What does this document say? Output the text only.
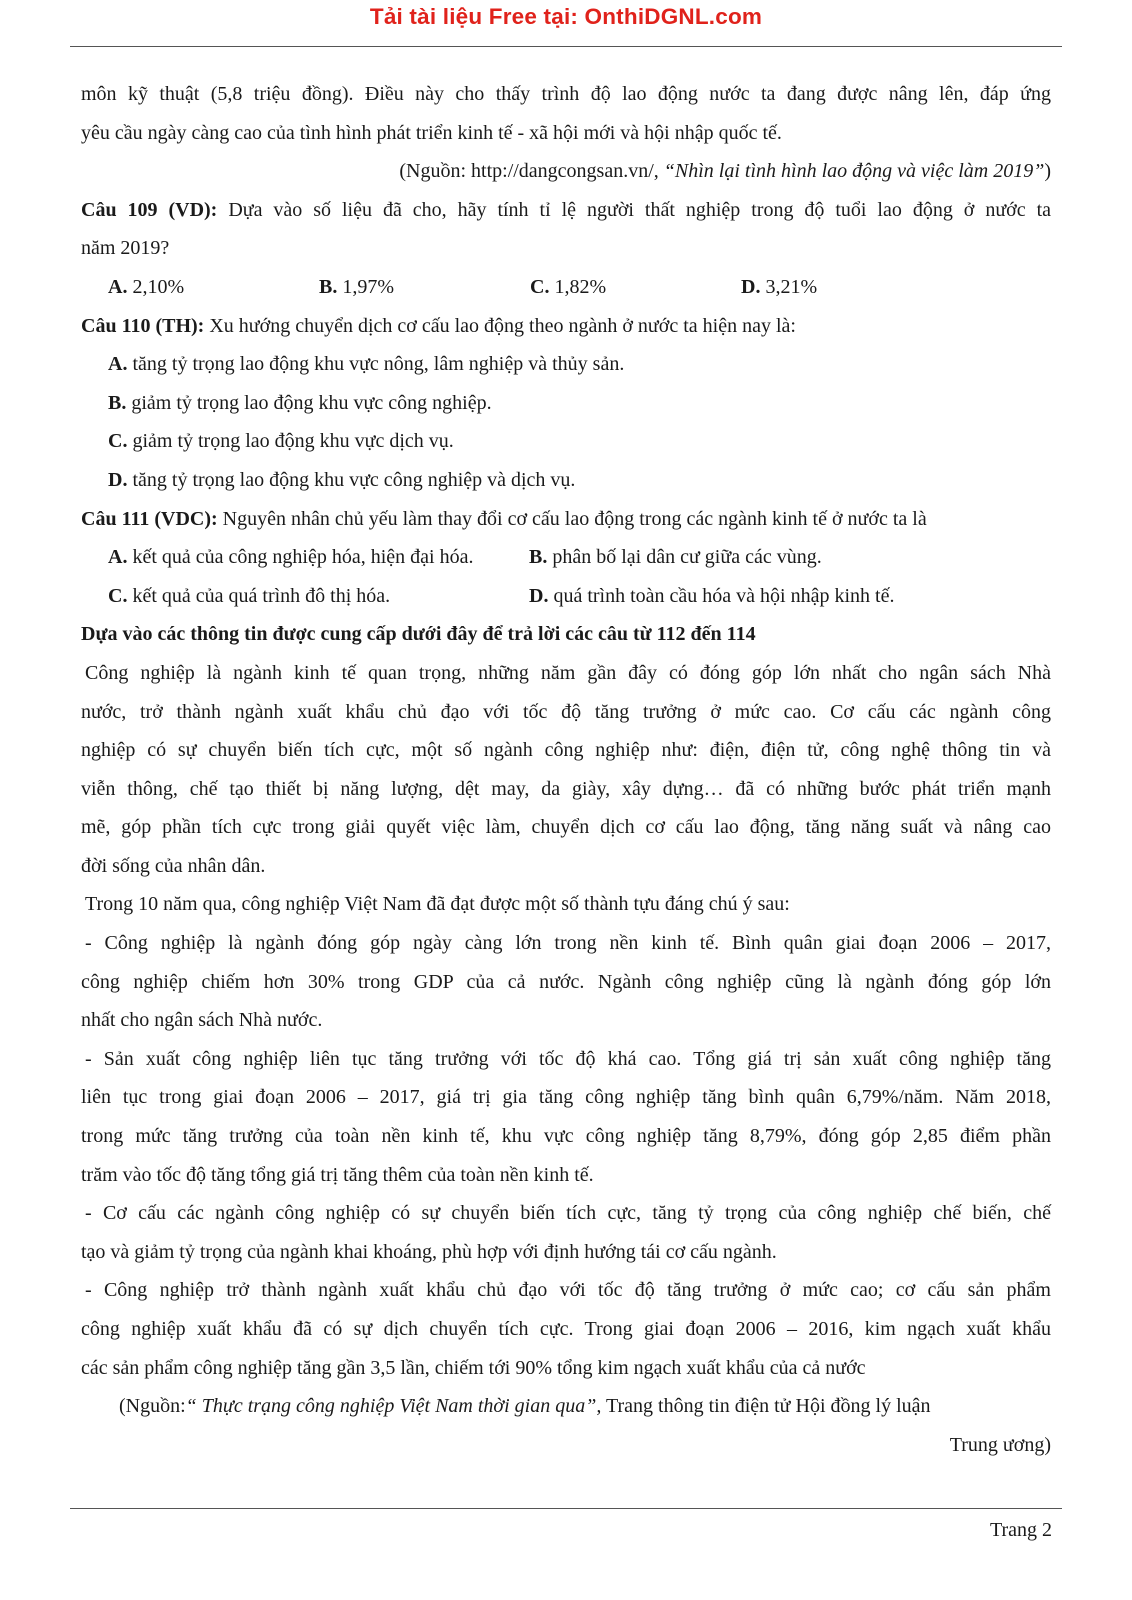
Tải tài liệu Free tại: OnthiDGNL.com
môn kỹ thuật (5,8 triệu đồng). Điều này cho thấy trình độ lao động nước ta đang được nâng lên, đáp ứng
yêu cầu ngày càng cao của tình hình phát triển kinh tế - xã hội mới và hội nhập quốc tế.
(Nguồn: http://dangcongsan.vn/, “Nhìn lại tình hình lao động và việc làm 2019”)
Câu 109 (VD): Dựa vào số liệu đã cho, hãy tính tỉ lệ người thất nghiệp trong độ tuổi lao động ở nước ta
năm 2019?
A. 2,10%	B. 1,97%	C. 1,82%	D. 3,21%
Câu 110 (TH): Xu hướng chuyển dịch cơ cấu lao động theo ngành ở nước ta hiện nay là:
A. tăng tỷ trọng lao động khu vực nông, lâm nghiệp và thủy sản.
B. giảm tỷ trọng lao động khu vực công nghiệp.
C. giảm tỷ trọng lao động khu vực dịch vụ.
D. tăng tỷ trọng lao động khu vực công nghiệp và dịch vụ.
Câu 111 (VDC): Nguyên nhân chủ yếu làm thay đổi cơ cấu lao động trong các ngành kinh tế ở nước ta là
A. kết quả của công nghiệp hóa, hiện đại hóa.	B. phân bố lại dân cư giữa các vùng.
C. kết quả của quá trình đô thị hóa.	D. quá trình toàn cầu hóa và hội nhập kinh tế.
Dựa vào các thông tin được cung cấp dưới đây để trả lời các câu từ 112 đến 114
Công nghiệp là ngành kinh tế quan trọng, những năm gần đây có đóng góp lớn nhất cho ngân sách Nhà
nước, trở thành ngành xuất khẩu chủ đạo với tốc độ tăng trưởng ở mức cao. Cơ cấu các ngành công
nghiệp có sự chuyển biến tích cực, một số ngành công nghiệp như: điện, điện tử, công nghệ thông tin và
viễn thông, chế tạo thiết bị năng lượng, dệt may, da giày, xây dựng… đã có những bước phát triển mạnh
mẽ, góp phần tích cực trong giải quyết việc làm, chuyển dịch cơ cấu lao động, tăng năng suất và nâng cao
đời sống của nhân dân.
Trong 10 năm qua, công nghiệp Việt Nam đã đạt được một số thành tựu đáng chú ý sau:
- Công nghiệp là ngành đóng góp ngày càng lớn trong nền kinh tế. Bình quân giai đoạn 2006 – 2017,
công nghiệp chiếm hơn 30% trong GDP của cả nước. Ngành công nghiệp cũng là ngành đóng góp lớn
nhất cho ngân sách Nhà nước.
- Sản xuất công nghiệp liên tục tăng trưởng với tốc độ khá cao. Tổng giá trị sản xuất công nghiệp tăng
liên tục trong giai đoạn 2006 – 2017, giá trị gia tăng công nghiệp tăng bình quân 6,79%/năm. Năm 2018,
trong mức tăng trưởng của toàn nền kinh tế, khu vực công nghiệp tăng 8,79%, đóng góp 2,85 điểm phần
trăm vào tốc độ tăng tổng giá trị tăng thêm của toàn nền kinh tế.
- Cơ cấu các ngành công nghiệp có sự chuyển biến tích cực, tăng tỷ trọng của công nghiệp chế biến, chế
tạo và giảm tỷ trọng của ngành khai khoáng, phù hợp với định hướng tái cơ cấu ngành.
- Công nghiệp trở thành ngành xuất khẩu chủ đạo với tốc độ tăng trưởng ở mức cao; cơ cấu sản phẩm
công nghiệp xuất khẩu đã có sự dịch chuyển tích cực. Trong giai đoạn 2006 – 2016, kim ngạch xuất khẩu
các sản phẩm công nghiệp tăng gần 3,5 lần, chiếm tới 90% tổng kim ngạch xuất khẩu của cả nước
(Nguồn:“ Thực trạng công nghiệp Việt Nam thời gian qua”, Trang thông tin điện tử Hội đồng lý luận
Trung ương)
Trang 2
